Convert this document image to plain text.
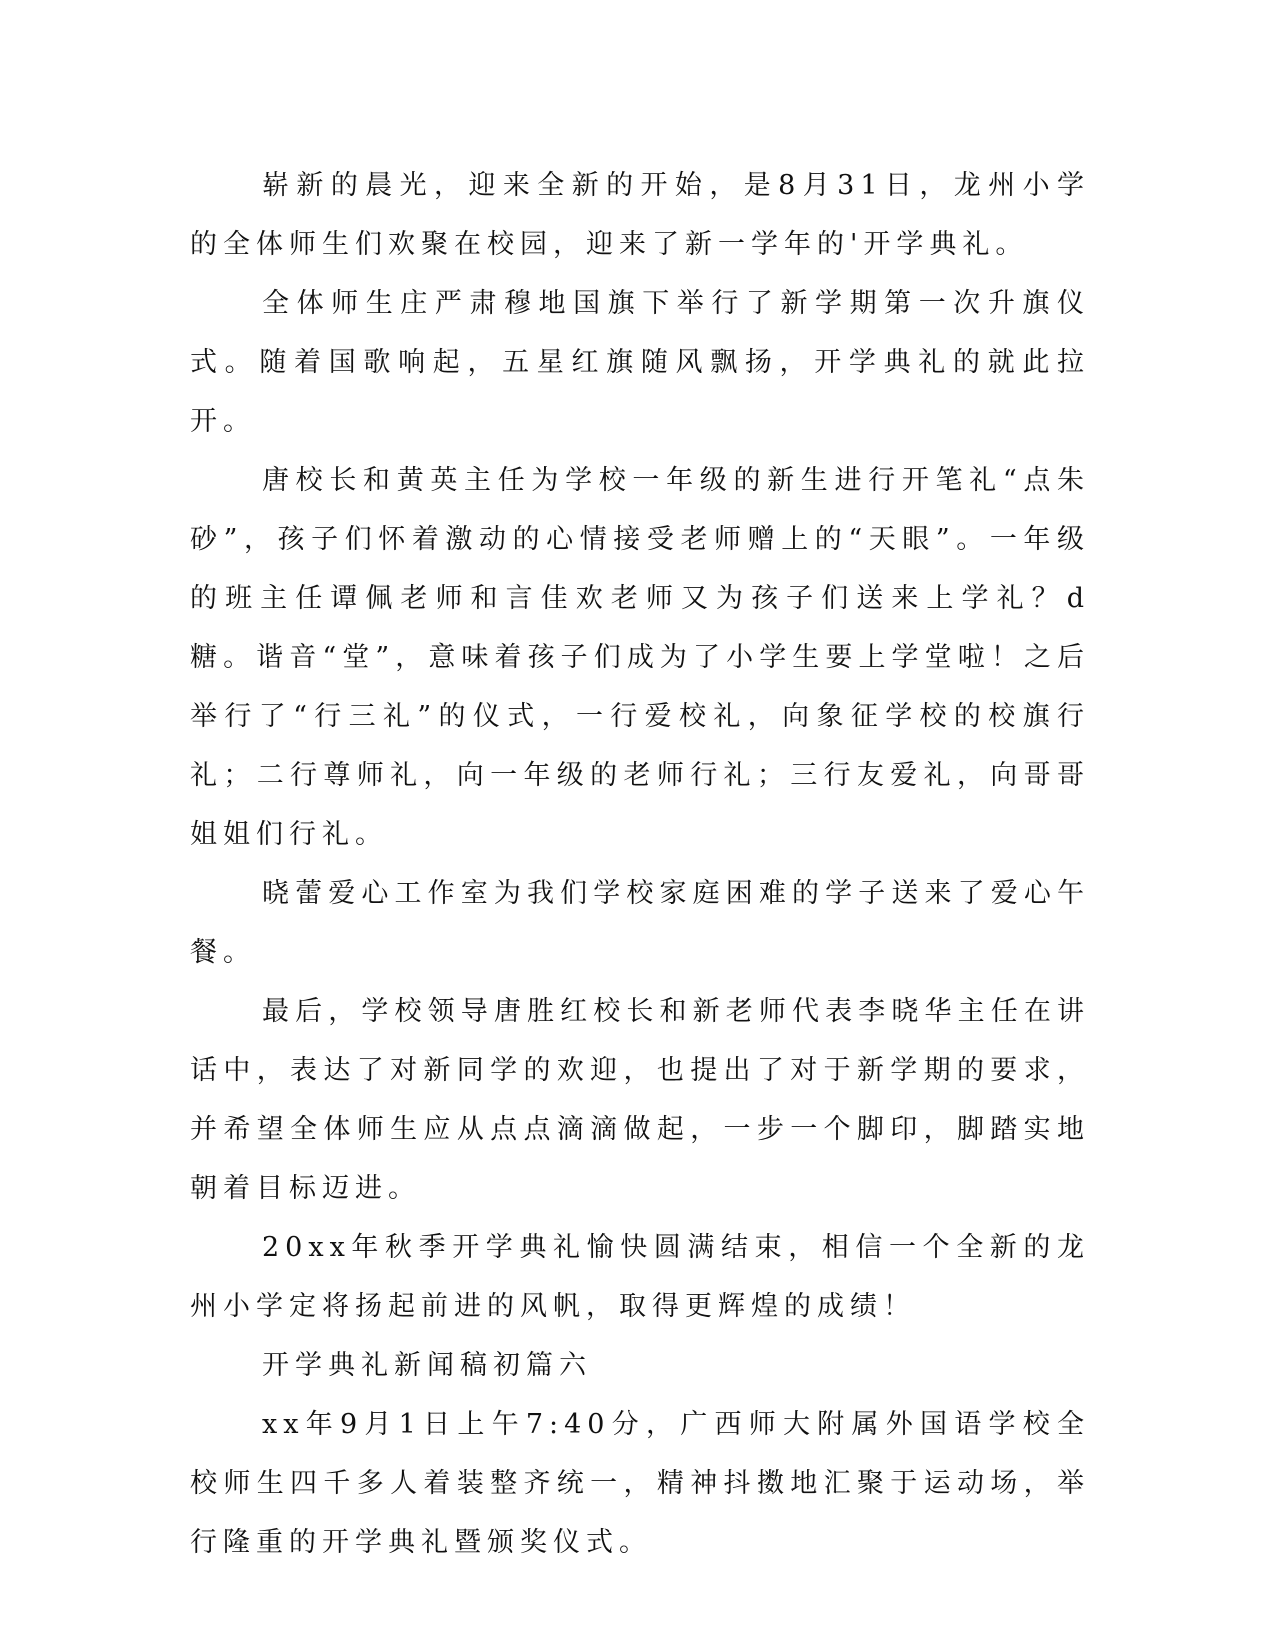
崭新的晨光，迎来全新的开始，是8月31日，龙州小学的全体师生们欢聚在校园，迎来了新一学年的'开学典礼。

全体师生庄严肃穆地国旗下举行了新学期第一次升旗仪式。随着国歌响起，五星红旗随风飘扬，开学典礼的就此拉开。

唐校长和黄英主任为学校一年级的新生进行开笔礼“点朱砂”，孩子们怀着激动的心情接受老师赠上的“天眼”。一年级的班主任谭佩老师和言佳欢老师又为孩子们送来上学礼？d糖。谐音“堂”，意味着孩子们成为了小学生要上学堂啦！之后举行了“行三礼”的仪式，一行爱校礼，向象征学校的校旗行礼；二行尊师礼，向一年级的老师行礼；三行友爱礼，向哥哥姐姐们行礼。

晓蕾爱心工作室为我们学校家庭困难的学子送来了爱心午餐。

最后，学校领导唐胜红校长和新老师代表李晓华主任在讲话中，表达了对新同学的欢迎，也提出了对于新学期的要求，并希望全体师生应从点点滴滴做起，一步一个脚印，脚踏实地朝着目标迈进。

20xx年秋季开学典礼愉快圆满结束，相信一个全新的龙州小学定将扬起前进的风帆，取得更辉煌的成绩！

开学典礼新闻稿初篇六

xx年9月1日上午7:40分，广西师大附属外国语学校全校师生四千多人着装整齐统一，精神抖擞地汇聚于运动场，举行隆重的开学典礼暨颁奖仪式。
